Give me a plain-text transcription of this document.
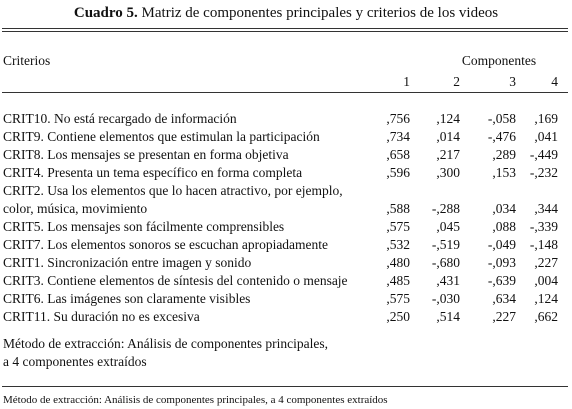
Cuadro 5. Matriz de componentes principales y criterios de los videos
Criterios	Componentes
1	2	3	4
CRIT10. No está recargado de información	,756	,124	-,058	,169
CRIT9. Contiene elementos que estimulan la participación	,734	,014	-,476	,041
CRIT8. Los mensajes se presentan en forma objetiva	,658	,217	,289	-,449
CRIT4. Presenta un tema específico en forma completa	,596	,300	,153	-,232
CRIT2. Usa los elementos que lo hacen atractivo, por ejemplo,
color, música, movimiento	,588	-,288	,034	,344
CRIT5. Los mensajes son fácilmente comprensibles	,575	,045	,088	-,339
CRIT7. Los elementos sonoros se escuchan apropiadamente	,532	-,519	-,049	-,148
CRIT1. Sincronización entre imagen y sonido	,480	-,680	-,093	,227
CRIT3. Contiene elementos de síntesis del contenido o mensaje	,485	,431	-,639	,004
CRIT6. Las imágenes son claramente visibles	,575	-,030	,634	,124
CRIT11. Su duración no es excesiva	,250	,514	,227	,662
Método de extracción: Análisis de componentes principales,
a 4 componentes extraídos
Método de extracción: Análisis de componentes principales, a 4 componentes extraídos
